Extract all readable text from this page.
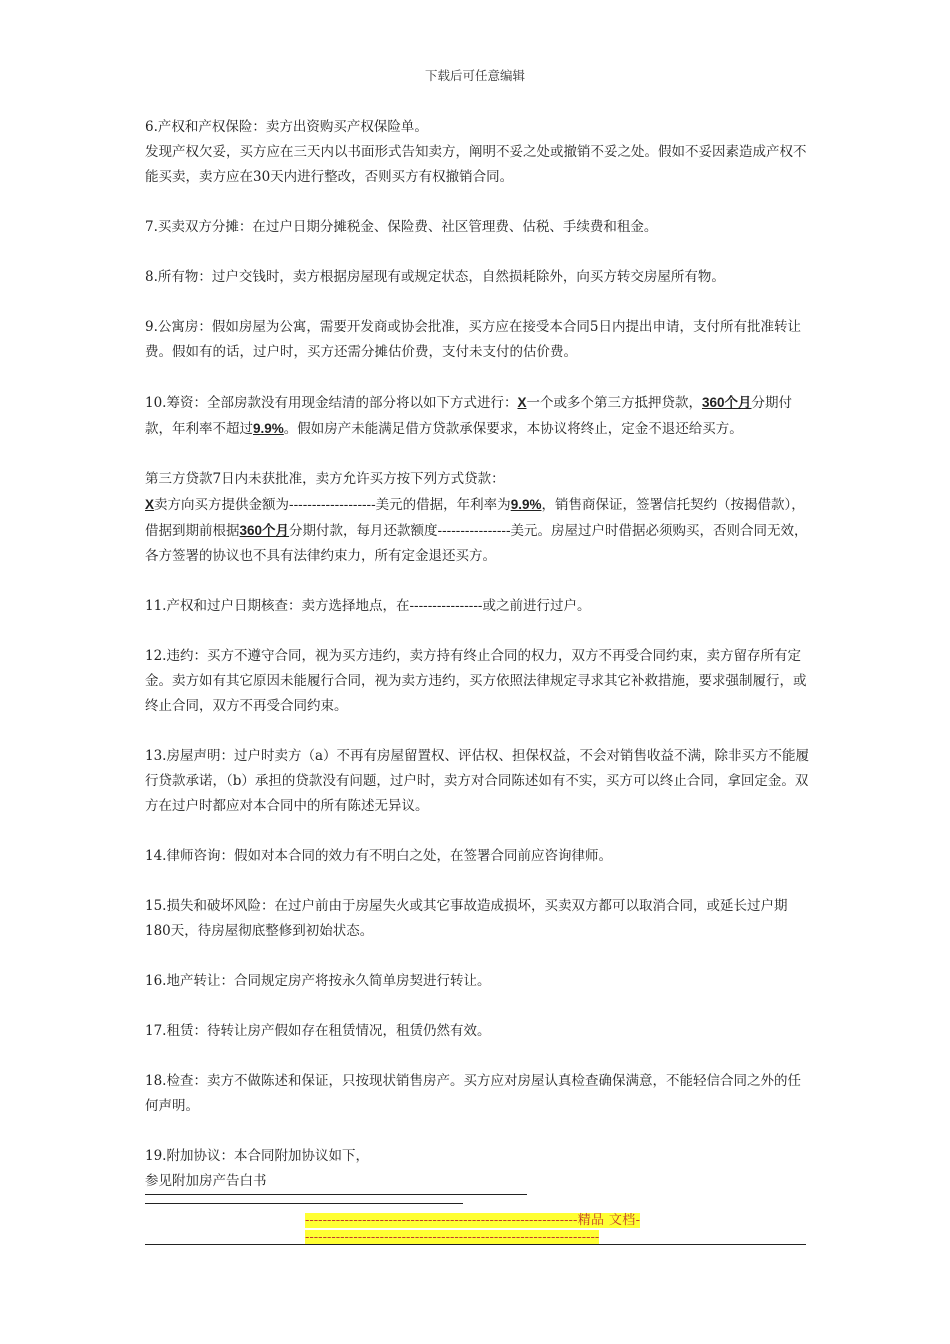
下载后可任意编辑

6.产权和产权保险：卖方出资购买产权保险单。

发现产权欠妥，买方应在三天内以书面形式告知卖方，阐明不妥之处或撤销不妥之处。假如不妥因素造成产权不能买卖，卖方应在30天内进行整改，否则买方有权撤销合同。

7.买卖双方分摊：在过户日期分摊税金、保险费、社区管理费、估税、手续费和租金。
8.所有物：过户交钱时，卖方根据房屋现有或规定状态，自然损耗除外，向买方转交房屋所有物。
9.公寓房：假如房屋为公寓，需要开发商或协会批准，买方应在接受本合同5日内提出申请，支付所有批准转让费。假如有的话，过户时，买方还需分摊估价费，支付未支付的估价费。
10.筹资：全部房款没有用现金结清的部分将以如下方式进行：X一个或多个第三方抵押贷款，360个月分期付款，年利率不超过9.9%。假如房产未能满足借方贷款承保要求，本协议将终止，定金不退还给买方。

第三方贷款7日内未获批准，卖方允许买方按下列方式贷款：

X卖方向买方提供金额为-------------------美元的借据，年利率为9.9%，销售商保证，签署信托契约（按揭借款），借据到期前根据360个月分期付款，每月还款额度----------------美元。房屋过户时借据必须购买，否则合同无效，各方签署的协议也不具有法律约束力，所有定金退还买方。

11.产权和过户日期核查：卖方选择地点，在----------------或之前进行过户。
12.违约：买方不遵守合同，视为买方违约，卖方持有终止合同的权力，双方不再受合同约束，卖方留存所有定金。卖方如有其它原因未能履行合同，视为卖方违约，买方依照法律规定寻求其它补救措施，要求强制履行，或终止合同，双方不再受合同约束。
13.房屋声明：过户时卖方（a）不再有房屋留置权、评估权、担保权益，不会对销售收益不满，除非买方不能履行贷款承诺，（b）承担的贷款没有问题，过户时，卖方对合同陈述如有不实，买方可以终止合同，拿回定金。双方在过户时都应对本合同中的所有陈述无异议。
14.律师咨询：假如对本合同的效力有不明白之处，在签署合同前应咨询律师。
15.损失和破坏风险：在过户前由于房屋失火或其它事故造成损坏，买卖双方都可以取消合同，或延长过户期180天，待房屋彻底整修到初始状态。
16.地产转让：合同规定房产将按永久简单房契进行转让。
17.租赁：待转让房产假如存在租赁情况，租赁仍然有效。
18.检查：卖方不做陈述和保证，只按现状销售房产。买方应对房屋认真检查确保满意，不能轻信合同之外的任何声明。

19.附加协议：本合同附加协议如下，

参见附加房产告白书

--------------------------------------------------------------精品 文档--------------------------------------------------------------------
